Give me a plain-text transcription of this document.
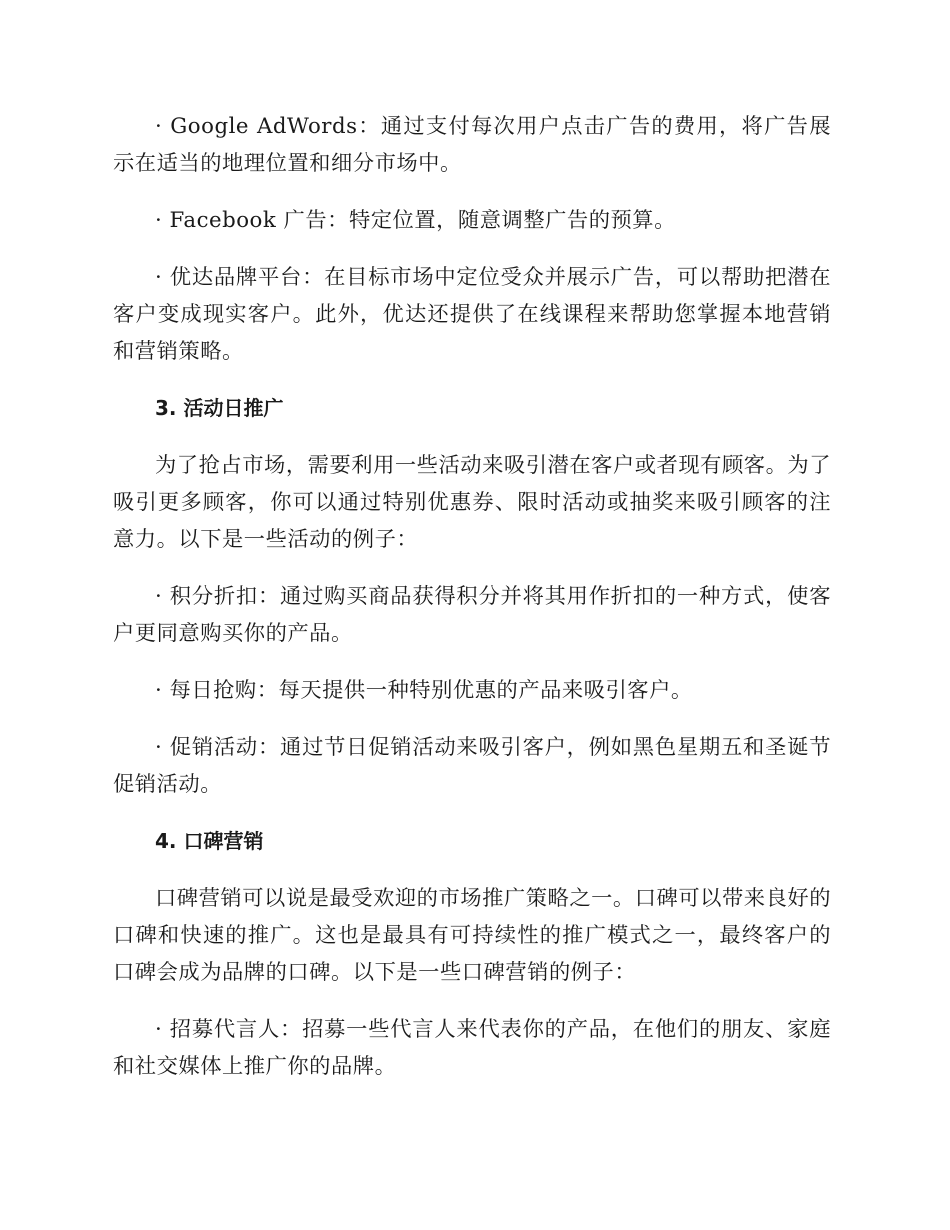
· Google AdWords：通过支付每次用户点击广告的费用，将广告展示在适当的地理位置和细分市场中。

· Facebook 广告：特定位置，随意调整广告的预算。

· 优达品牌平台：在目标市场中定位受众并展示广告，可以帮助把潜在客户变成现实客户。此外，优达还提供了在线课程来帮助您掌握本地营销和营销策略。

3. 活动日推广

为了抢占市场，需要利用一些活动来吸引潜在客户或者现有顾客。为了吸引更多顾客，你可以通过特别优惠券、限时活动或抽奖来吸引顾客的注意力。以下是一些活动的例子：

· 积分折扣：通过购买商品获得积分并将其用作折扣的一种方式，使客户更同意购买你的产品。

· 每日抢购：每天提供一种特别优惠的产品来吸引客户。

· 促销活动：通过节日促销活动来吸引客户，例如黑色星期五和圣诞节促销活动。

4. 口碑营销

口碑营销可以说是最受欢迎的市场推广策略之一。口碑可以带来良好的口碑和快速的推广。这也是最具有可持续性的推广模式之一，最终客户的口碑会成为品牌的口碑。以下是一些口碑营销的例子：

· 招募代言人：招募一些代言人来代表你的产品，在他们的朋友、家庭和社交媒体上推广你的品牌。
